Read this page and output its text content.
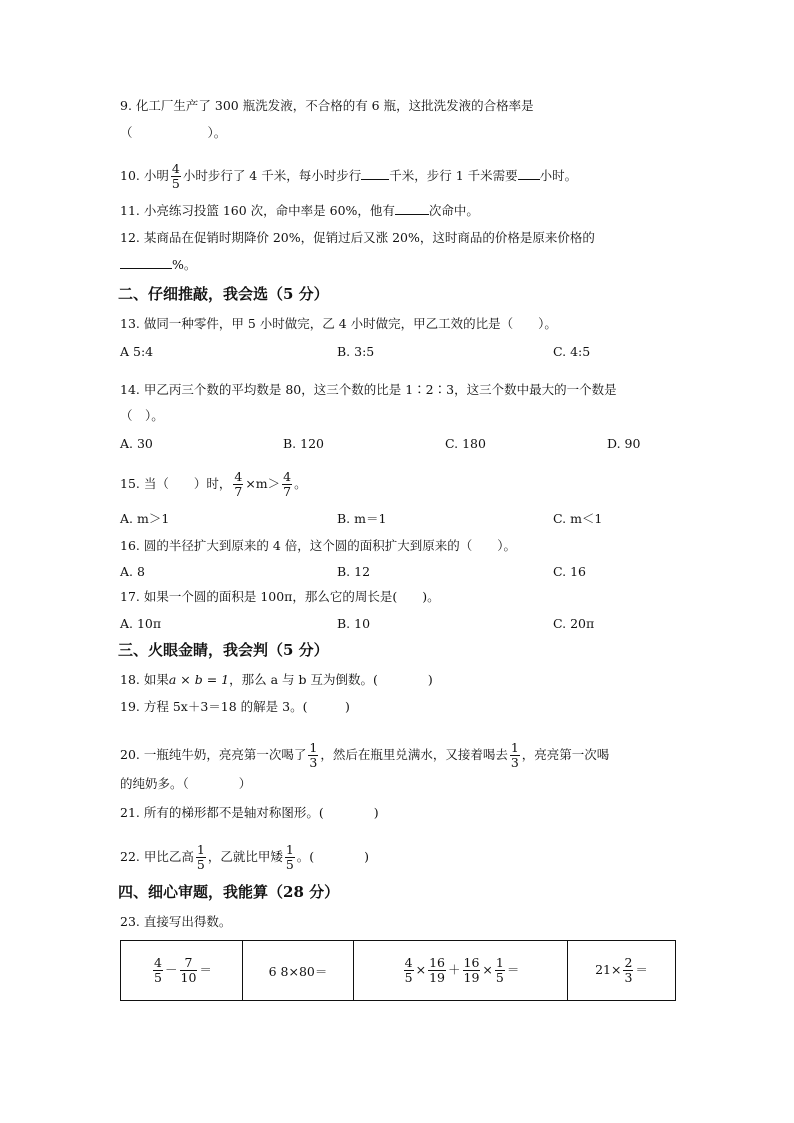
9. 化工厂生产了 300 瓶洗发液，不合格的有 6 瓶，这批洗发液的合格率是
（　　　　　　）。
10. 小明 $\frac{4}{5}$ 小时步行了 4 千米，每小时步行 千米，步行 1 千米需要 小时。
11. 小亮练习投篮 160 次，命中率是 60%，他有	次命中。
12. 某商品在促销时期降价 20%，促销过后又涨 20%，这时商品的价格是原来价格的
%。
二、仔细推敲，我会选（5 分）
13. 做同一种零件，甲 5 小时做完，乙 4 小时做完，甲乙工效的比是（　　）。
A 5:4	B. 3:5	C. 4:5
14. 甲乙丙三个数的平均数是 80，这三个数的比是 1∶2∶3，这三个数中最大的一个数是
（　）。
A. 30	B. 120	C. 180	D. 90
15. 当（　　）时， $\frac{4}{7} \times m> \frac{4}{7}$ 。
A. m＞1	B. m＝1	C. m＜1
16. 圆的半径扩大到原来的 4 倍，这个圆的面积扩大到原来的（　　）。
A. 8	B. 12	C. 16
17. 如果一个圆的面积是 100π，那么它的周长是(　　)。
A. 10π	B. 10	C. 20π
三、火眼金睛，我会判（5 分）
18. 如果a × b = 1，那么 a 与 b 互为倒数。(　　　　)
19. 方程 5x＋3＝18 的解是 3。(　　　)
20. 一瓶纯牛奶，亮亮第一次喝了 $\frac{1}{3}$ ，然后在瓶里兑满水，又接着喝去 $\frac{1}{3}$ ，亮亮第一次喝
的纯奶多。（　　　　）
21. 所有的梯形都不是轴对称图形。(　　　　)
22. 甲比乙高 $\frac{1}{5}$ ，乙就比甲矮 $\frac{1}{5}$ 。(　　　　)
四、细心审题，我能算（28 分）
23. 直接写出得数。
$\frac{4}{5} - \frac{7}{10}$ ＝	6 8×80＝	$\frac{4}{5} \times \frac{16}{19} + \frac{16}{19} \times \frac{1}{5}$ ＝	$21\times \frac{2}{3}$ ＝
